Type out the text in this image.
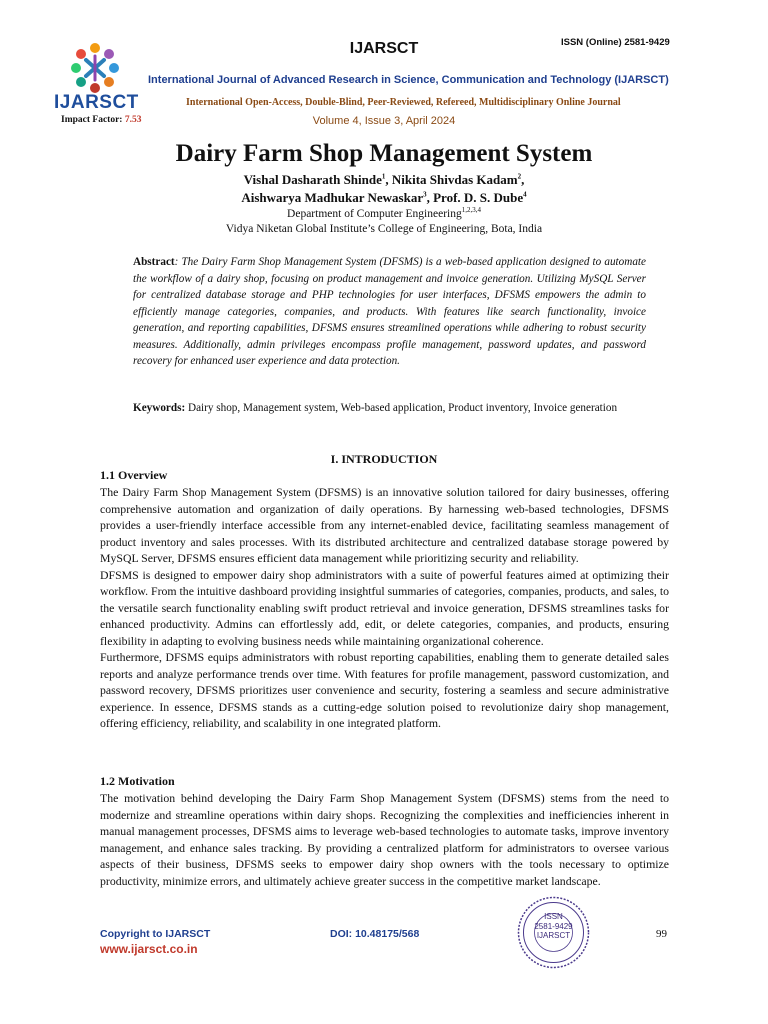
IJARSCT	ISSN (Online) 2581-9429
IJARSCT
Impact Factor: 7.53
International Journal of Advanced Research in Science, Communication and Technology (IJARSCT)
International Open-Access, Double-Blind, Peer-Reviewed, Refereed, Multidisciplinary Online Journal
Volume 4, Issue 3, April 2024
Dairy Farm Shop Management System
Vishal Dasharath Shinde$^1$, Nikita Shivdas Kadam$^2$,
Aishwarya Madhukar Newaskar$^3$, Prof. D. S. Dube$^4$
Department of Computer Engineering$^{1,2,3,4}$
Vidya Niketan Global Institute’s College of Engineering, Bota, India

Abstract: The Dairy Farm Shop Management System (DFSMS) is a web-based application designed to automate the workflow of a dairy shop, focusing on product management and invoice generation. Utilizing MySQL Server for centralized database storage and PHP technologies for user interfaces, DFSMS empowers the admin to efficiently manage categories, companies, and products. With features like search functionality, invoice generation, and reporting capabilities, DFSMS ensures streamlined operations while adhering to robust security measures. Additionally, admin privileges encompass profile management, password updates, and password recovery for enhanced user experience and data protection.

Keywords: Dairy shop, Management system, Web-based application, Product inventory, Invoice generation

I. INTRODUCTION
1.1 Overview

The Dairy Farm Shop Management System (DFSMS) is an innovative solution tailored for dairy businesses, offering comprehensive automation and organization of daily operations. By harnessing web-based technologies, DFSMS provides a user-friendly interface accessible from any internet-enabled device, facilitating seamless management of product inventory and sales processes. With its distributed architecture and centralized database storage powered by MySQL Server, DFSMS ensures efficient data management while prioritizing security and reliability.

DFSMS is designed to empower dairy shop administrators with a suite of powerful features aimed at optimizing their workflow. From the intuitive dashboard providing insightful summaries of categories, companies, products, and sales, to the versatile search functionality enabling swift product retrieval and invoice generation, DFSMS streamlines tasks for enhanced productivity. Admins can effortlessly add, edit, or delete categories, companies, and products, ensuring flexibility in adapting to evolving business needs while maintaining organizational coherence.

Furthermore, DFSMS equips administrators with robust reporting capabilities, enabling them to generate detailed sales reports and analyze performance trends over time. With features for profile management, password customization, and password recovery, DFSMS prioritizes user convenience and security, fostering a seamless and secure administrative experience. In essence, DFSMS stands as a cutting-edge solution poised to revolutionize dairy shop management, offering efficiency, reliability, and scalability in one integrated platform.

1.2 Motivation

The motivation behind developing the Dairy Farm Shop Management System (DFSMS) stems from the need to modernize and streamline operations within dairy shops. Recognizing the complexities and inefficiencies inherent in manual management processes, DFSMS aims to leverage web-based technologies to automate tasks, improve inventory management, and enhance sales tracking. By providing a centralized platform for administrators to oversee various aspects of their business, DFSMS seeks to empower dairy shop owners with the tools necessary to optimize productivity, minimize errors, and ultimately achieve greater success in the competitive market landscape.

Copyright to IJARSCT
www.ijarsct.co.in
DOI: 10.48175/568	99
ISSN
2581-9429
IJARSCT
